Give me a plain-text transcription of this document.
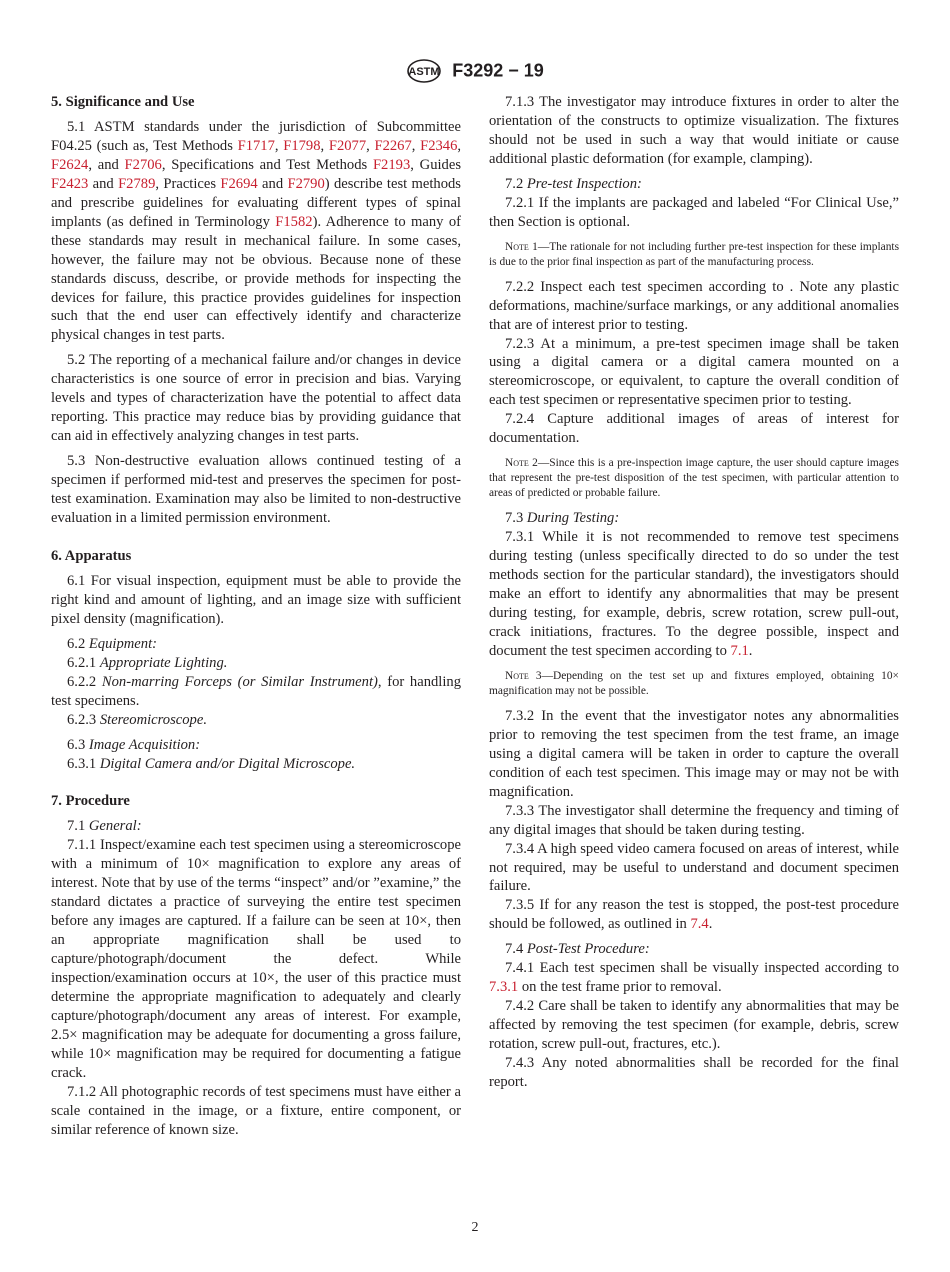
ASTM F3292 − 19
5. Significance and Use

5.1 ASTM standards under the jurisdiction of Subcommittee F04.25 (such as, Test Methods F1717, F1798, F2077, F2267, F2346, F2624, and F2706, Specifications and Test Methods F2193, Guides F2423 and F2789, Practices F2694 and F2790) describe test methods and prescribe guidelines for evaluating different types of spinal implants (as defined in Terminology F1582). Adherence to many of these standards may result in mechanical failure. In some cases, however, the failure may not be obvious. Because none of these standards discuss, describe, or provide methods for inspecting the devices for failure, this practice provides guidelines for inspection such that the end user can effectively identify and characterize physical changes in test parts.

5.2 The reporting of a mechanical failure and/or changes in device characteristics is one source of error in precision and bias. Varying levels and types of characterization have the potential to affect data reporting. This practice may reduce bias by providing guidance that can aid in effectively analyzing changes in test parts.

5.3 Non-destructive evaluation allows continued testing of a specimen if performed mid-test and preserves the specimen for post-test examination. Examination may also be limited to non-destructive evaluation in a limited permission environment.

6. Apparatus

6.1 For visual inspection, equipment must be able to provide the right kind and amount of lighting, and an image size with sufficient pixel density (magnification).

6.2 Equipment:

6.2.1 Appropriate Lighting.

6.2.2 Non-marring Forceps (or Similar Instrument), for handling test specimens.

6.2.3 Stereomicroscope.

6.3 Image Acquisition:

6.3.1 Digital Camera and/or Digital Microscope.

7. Procedure

7.1 General:

7.1.1 Inspect/examine each test specimen using a stereomicroscope with a minimum of 10× magnification to explore any areas of interest. Note that by use of the terms “inspect” and/or ”examine,” the standard dictates a practice of surveying the entire test specimen before any images are captured. If a failure can be seen at 10×, then an appropriate magnification shall be used to capture/photograph/document the defect. While inspection/examination occurs at 10×, the user of this practice must determine the appropriate magnification to adequately and clearly capture/photograph/document any areas of interest. For example, 2.5× magnification may be adequate for documenting a gross failure, while 10× magnification may be required for documenting a fatigue crack.

7.1.2 All photographic records of test specimens must have either a scale contained in the image, or a fixture, entire component, or similar reference of known size.

7.1.3 The investigator may introduce fixtures in order to alter the orientation of the constructs to optimize visualization. The fixtures should not be used in such a way that would initiate or cause additional plastic deformation (for example, clamping).

7.2 Pre-test Inspection:

7.2.1 If the implants are packaged and labeled “For Clinical Use,” then Section is optional.

Note 1—The rationale for not including further pre-test inspection for these implants is due to the prior final inspection as part of the manufacturing process.

7.2.2 Inspect each test specimen according to . Note any plastic deformations, machine/surface markings, or any additional anomalies that are of interest prior to testing.

7.2.3 At a minimum, a pre-test specimen image shall be taken using a digital camera or a digital camera mounted on a stereomicroscope, or equivalent, to capture the overall condition of each test specimen or representative specimen prior to testing.

7.2.4 Capture additional images of areas of interest for documentation.

Note 2—Since this is a pre-inspection image capture, the user should capture images that represent the pre-test disposition of the test specimen, with particular attention to areas of predicted or probable failure.

7.3 During Testing:

7.3.1 While it is not recommended to remove test specimens during testing (unless specifically directed to do so under the test methods section for the particular standard), the investigators should make an effort to identify any abnormalities that may be present during testing, for example, debris, screw rotation, screw pull-out, crack initiations, fractures. To the degree possible, inspect and document the test specimen according to 7.1.

Note 3—Depending on the test set up and fixtures employed, obtaining 10× magnification may not be possible.

7.3.2 In the event that the investigator notes any abnormalities prior to removing the test specimen from the test frame, an image using a digital camera will be taken in order to capture the overall condition of each test specimen. This image may or may not be with magnification.

7.3.3 The investigator shall determine the frequency and timing of any digital images that should be taken during testing.

7.3.4 A high speed video camera focused on areas of interest, while not required, may be useful to understand and document specimen failure.

7.3.5 If for any reason the test is stopped, the post-test procedure should be followed, as outlined in 7.4.

7.4 Post-Test Procedure:

7.4.1 Each test specimen shall be visually inspected according to 7.3.1 on the test frame prior to removal.

7.4.2 Care shall be taken to identify any abnormalities that may be affected by removing the test specimen (for example, debris, screw rotation, screw pull-out, fractures, etc.).

7.4.3 Any noted abnormalities shall be recorded for the final report.

2
